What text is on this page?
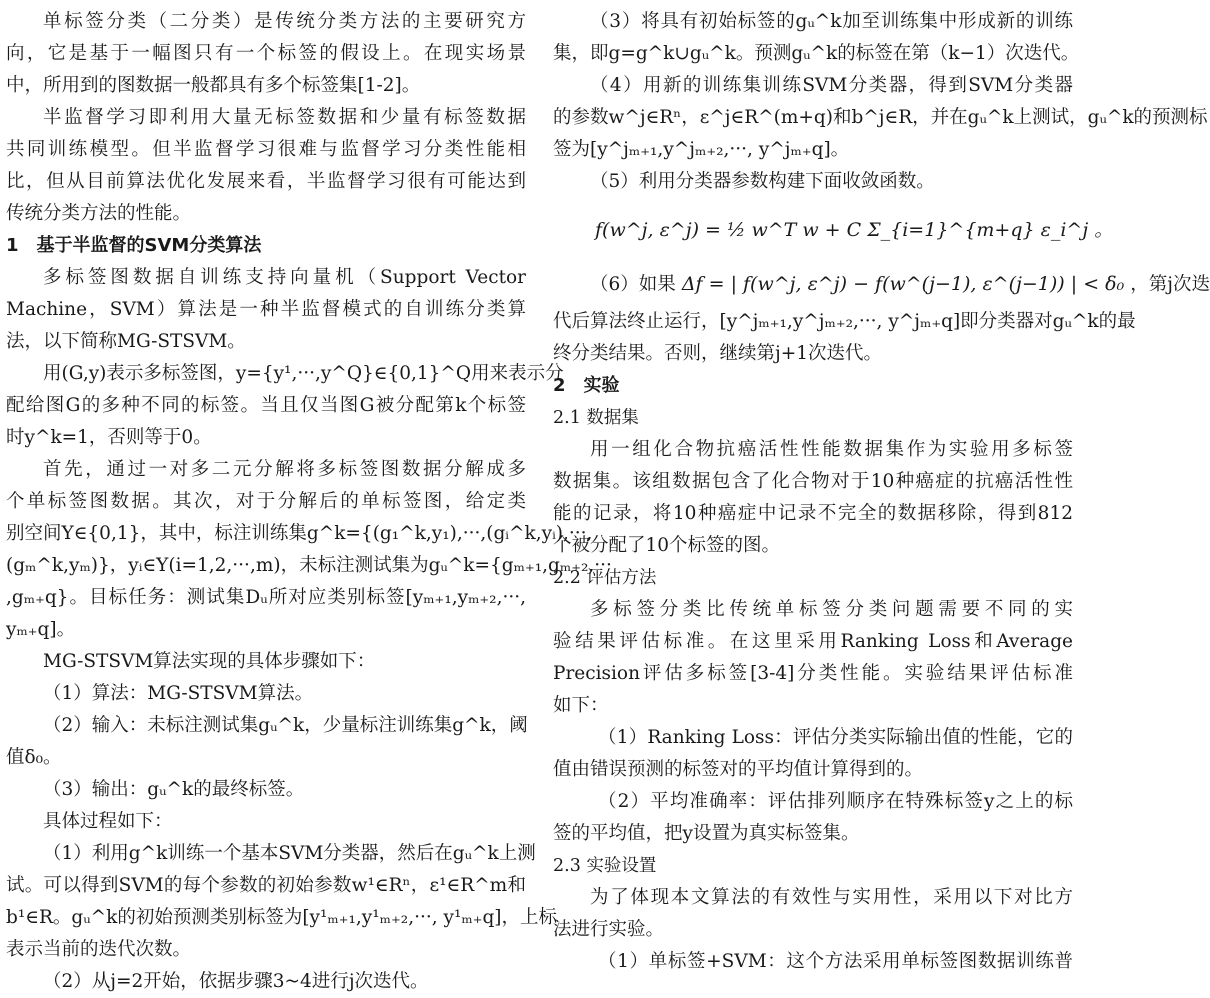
单标签分类（二分类）是传统分类方法的主要研究方
向，它是基于一幅图只有一个标签的假设上。在现实场景
中，所用到的图数据一般都具有多个标签集[1-2]。
半监督学习即利用大量无标签数据和少量有标签数据
共同训练模型。但半监督学习很难与监督学习分类性能相
比，但从目前算法优化发展来看，半监督学习很有可能达到
传统分类方法的性能。
1　基于半监督的SVM分类算法
多标签图数据自训练支持向量机（Support Vector
Machine，SVM）算法是一种半监督模式的自训练分类算
法，以下简称MG-STSVM。
用(G,y)表示多标签图，y={y¹,···,y^Q}∈{0,1}^Q用来表示分
配给图G的多种不同的标签。当且仅当图G被分配第k个标签
时y^k=1，否则等于0。
首先，通过一对多二元分解将多标签图数据分解成多
个单标签图数据。其次，对于分解后的单标签图，给定类
别空间Y∈{0,1}，其中，标注训练集g^k={(g₁^k,y₁),···,(gᵢ^k,yᵢ),···,
(gₘ^k,yₘ)}，yᵢ∈Y(i=1,2,···,m)，未标注测试集为gᵤ^k={gₘ₊₁,gₘ₊₂,···
,gₘ₊q}。目标任务：测试集Dᵤ所对应类别标签[yₘ₊₁,yₘ₊₂,···,
yₘ₊q]。
MG-STSVM算法实现的具体步骤如下：
（1）算法：MG-STSVM算法。
（2）输入：未标注测试集gᵤ^k，少量标注训练集g^k，阈
值δ₀。
（3）输出：gᵤ^k的最终标签。
具体过程如下：
（1）利用g^k训练一个基本SVM分类器，然后在gᵤ^k上测
试。可以得到SVM的每个参数的初始参数w¹∈Rⁿ，ε¹∈R^m和
b¹∈R。gᵤ^k的初始预测类别标签为[y¹ₘ₊₁,y¹ₘ₊₂,···, y¹ₘ₊q]，上标
表示当前的迭代次数。
（2）从j=2开始，依据步骤3~4进行j次迭代。
（3）将具有初始标签的gᵤ^k加至训练集中形成新的训练
集，即g=g^k∪gᵤ^k。预测gᵤ^k的标签在第（k−1）次迭代。
（4）用新的训练集训练SVM分类器，得到SVM分类器
的参数w^j∈Rⁿ，ε^j∈R^(m+q)和b^j∈R，并在gᵤ^k上测试，gᵤ^k的预测标
签为[y^jₘ₊₁,y^jₘ₊₂,···, y^jₘ₊q]。
（5）利用分类器参数构建下面收敛函数。
f(w^j, ε^j) = ½ w^T w + C Σ_{i=1}^{m+q} ε_i^j 。
（6）如果 Δf = | f(w^j, ε^j) − f(w^(j−1), ε^(j−1)) | < δ₀ ，第j次迭
代后算法终止运行，[y^jₘ₊₁,y^jₘ₊₂,···, y^jₘ₊q]即分类器对gᵤ^k的最
终分类结果。否则，继续第j+1次迭代。
2　实验
2.1 数据集
用一组化合物抗癌活性性能数据集作为实验用多标签
数据集。该组数据包含了化合物对于10种癌症的抗癌活性性
能的记录，将10种癌症中记录不完全的数据移除，得到812
个被分配了10个标签的图。
2.2 评估方法
多标签分类比传统单标签分类问题需要不同的实
验结果评估标准。在这里采用Ranking Loss和Average
Precision评估多标签[3-4]分类性能。实验结果评估标准
如下：
（1）Ranking Loss：评估分类实际输出值的性能，它的
值由错误预测的标签对的平均值计算得到的。
（2）平均准确率：评估排列顺序在特殊标签y之上的标
签的平均值，把y设置为真实标签集。
2.3 实验设置
为了体现本文算法的有效性与实用性，采用以下对比方
法进行实验。
（1）单标签+SVM：这个方法采用单标签图数据训练普
